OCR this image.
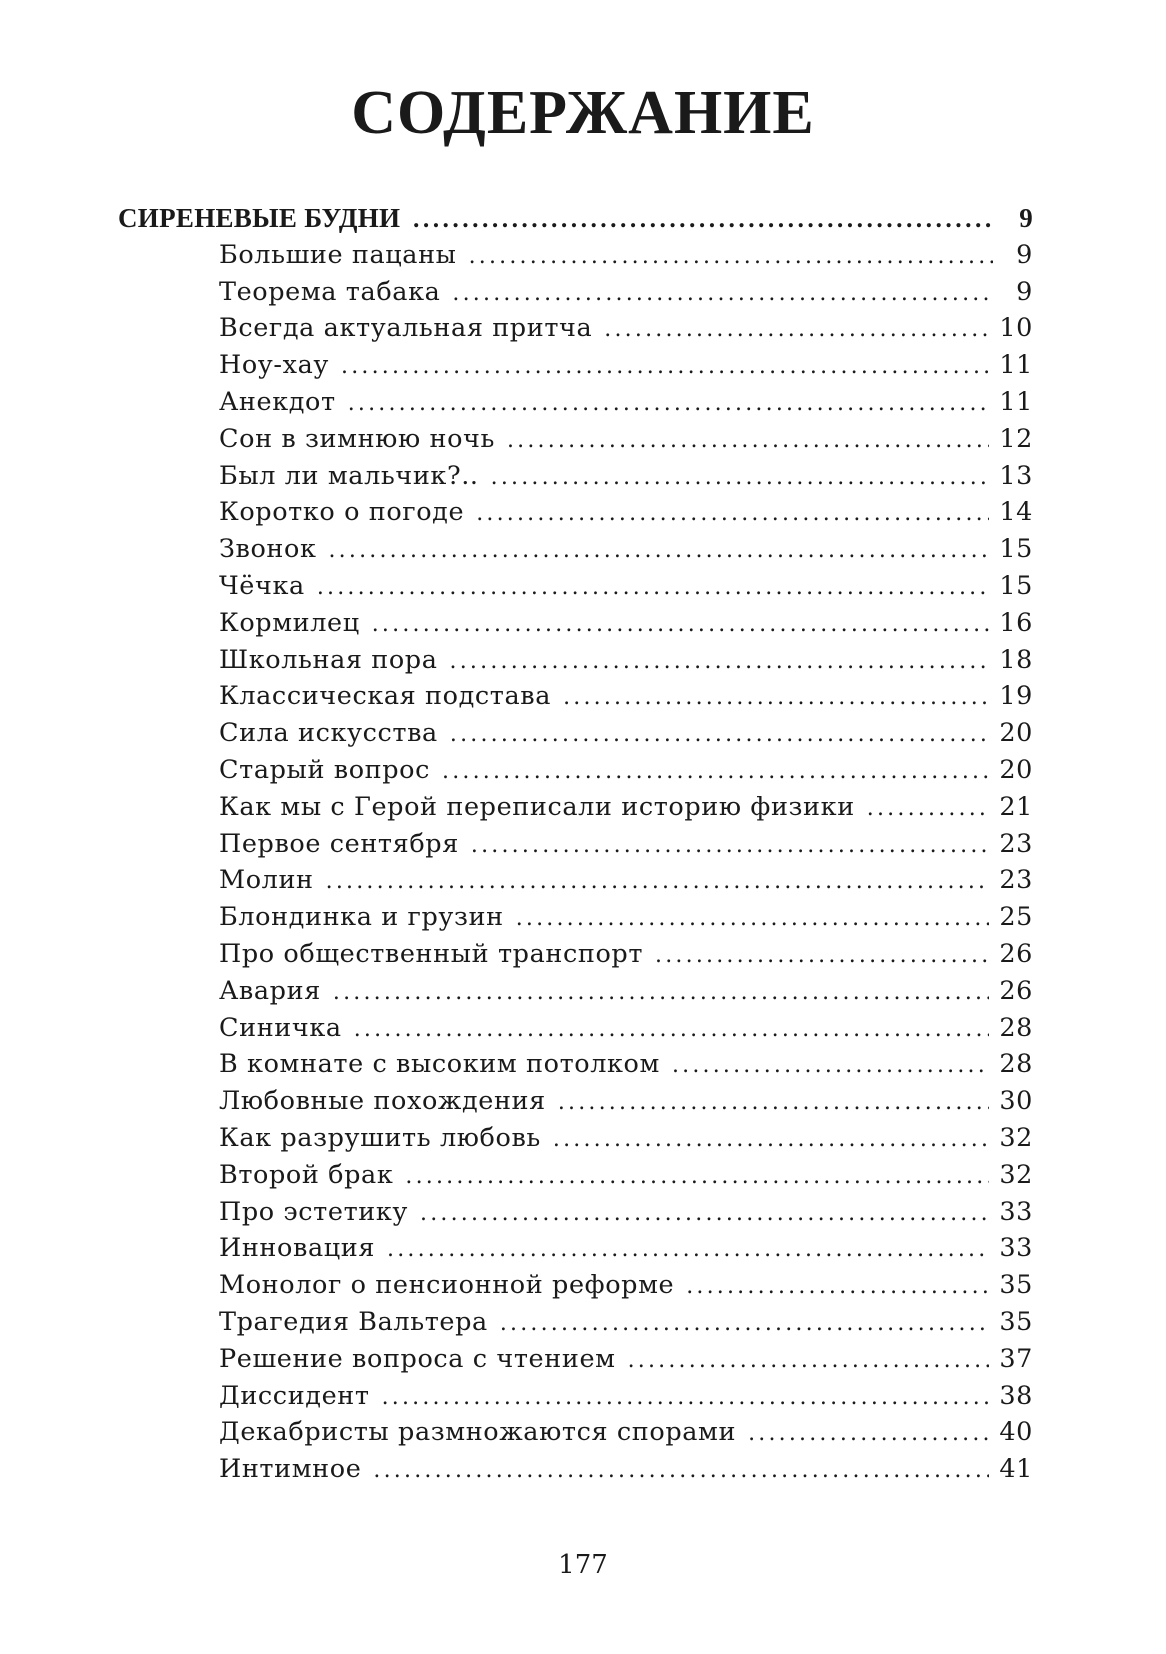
СОДЕРЖАНИЕ
СИРЕНЕВЫЕ БУДНИ .....	9
Большие пацаны .....	9
Теорема табака .....	9
Всегда актуальная притча .....	10
Ноу-хау .....	11
Анекдот .....	11
Сон в зимнюю ночь .....	12
Был ли мальчик?.. .....	13
Коротко о погоде .....	14
Звонок .....	15
Чёчка .....	15
Кормилец .....	16
Школьная пора .....	18
Классическая подстава .....	19
Сила искусства .....	20
Старый вопрос .....	20
Как мы с Герой переписали историю физики .....	21
Первое сентября .....	23
Молин .....	23
Блондинка и грузин .....	25
Про общественный транспорт .....	26
Авария .....	26
Синичка .....	28
В комнате с высоким потолком .....	28
Любовные похождения .....	30
Как разрушить любовь .....	32
Второй брак .....	32
Про эстетику .....	33
Инновация .....	33
Монолог о пенсионной реформе .....	35
Трагедия Вальтера .....	35
Решение вопроса с чтением .....	37
Диссидент .....	38
Декабристы размножаются спорами .....	40
Интимное .....	41
177
